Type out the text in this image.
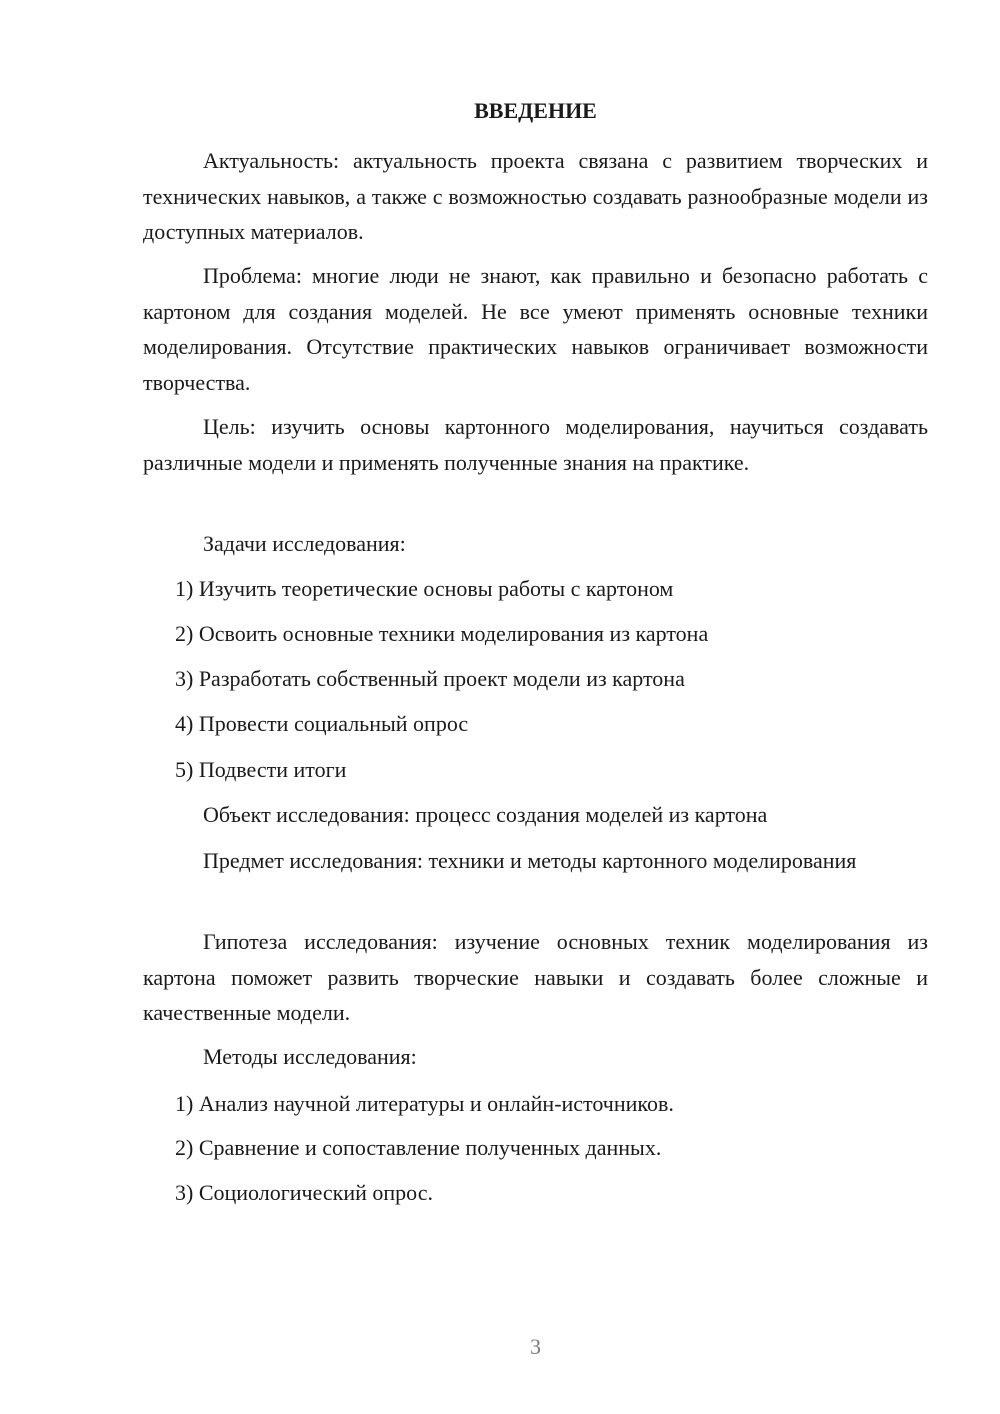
ВВЕДЕНИЕ

Актуальность: актуальность проекта связана с развитием творческих и технических навыков, а также с возможностью создавать разнообразные модели из доступных материалов.

Проблема: многие люди не знают, как правильно и безопасно работать с картоном для создания моделей. Не все умеют применять основные техники моделирования. Отсутствие практических навыков ограничивает возможности творчества.

Цель: изучить основы картонного моделирования, научиться создавать различные модели и применять полученные знания на практике.

Задачи исследования:

1) Изучить теоретические основы работы с картоном

2) Освоить основные техники моделирования из картона

3) Разработать собственный проект модели из картона

4) Провести социальный опрос

5) Подвести итоги

Объект исследования: процесс создания моделей из картона

Предмет исследования: техники и методы картонного моделирования

Гипотеза исследования: изучение основных техник моделирования из картона поможет развить творческие навыки и создавать более сложные и качественные модели.

Методы исследования:

1) Анализ научной литературы и онлайн-источников.

2) Сравнение и сопоставление полученных данных.

3) Социологический опрос.

3
